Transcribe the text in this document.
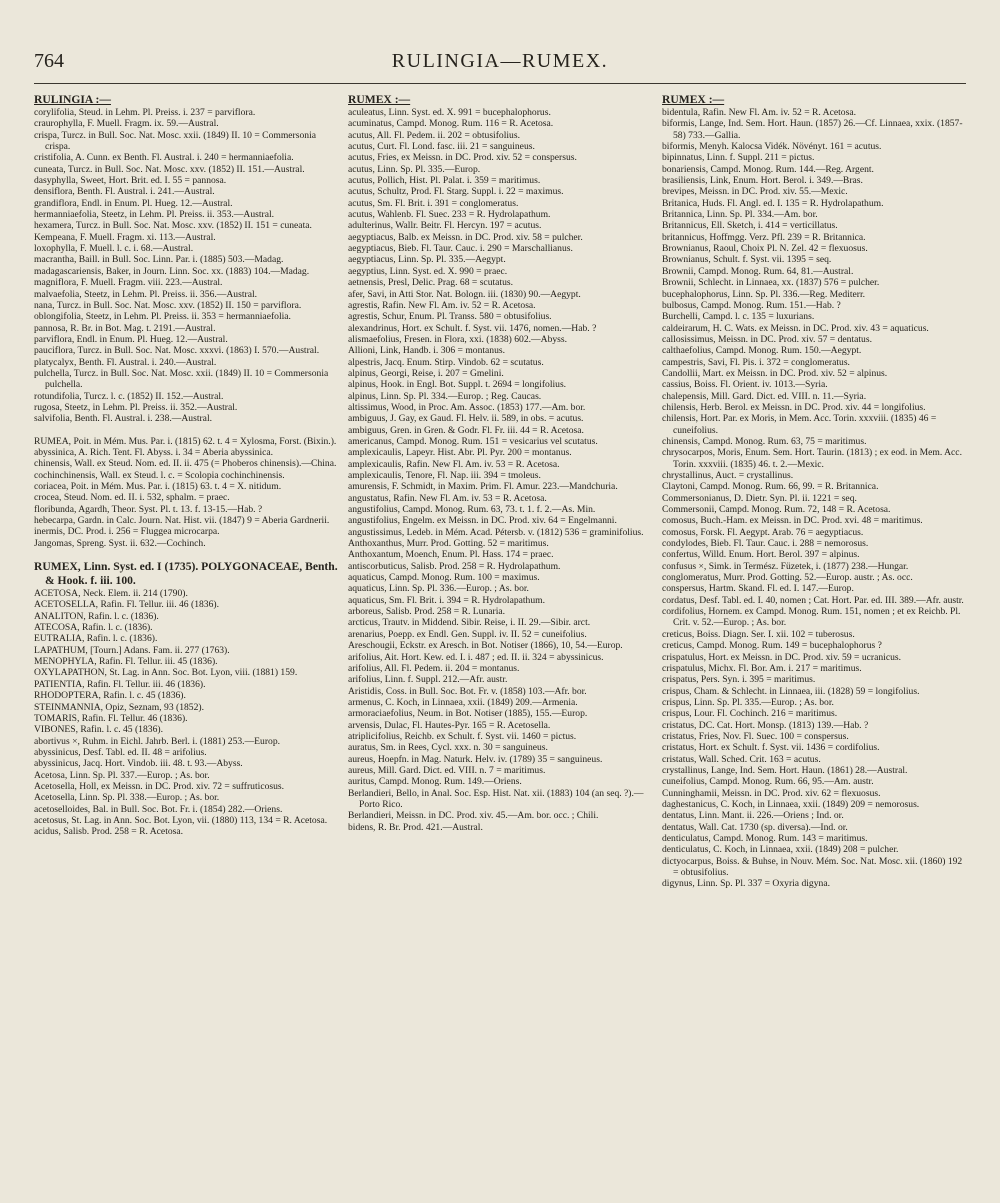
764	RULINGIA—RUMEX.
RULINGIA :—
corylifolia, Steud. in Lehm. Pl. Preiss. i. 237 = parviflora.
craurophylla, F. Muell. Fragm. ix. 59.—Austral.
crispa, Turcz. in Bull. Soc. Nat. Mosc. xxii. (1849) II. 10 = Commersonia crispa.
cristifolia, A. Cunn. ex Benth. Fl. Austral. i. 240 = hermanniaefolia.
cuneata, Turcz. in Bull. Soc. Nat. Mosc. xxv. (1852) II. 151.—Austral.
dasyphylla, Sweet, Hort. Brit. ed. I. 55 = pannosa.
densiflora, Benth. Fl. Austral. i. 241.—Austral.
grandiflora, Endl. in Enum. Pl. Hueg. 12.—Austral.
hermanniaefolia, Steetz, in Lehm. Pl. Preiss. ii. 353.—Austral.
hexamera, Turcz. in Bull. Soc. Nat. Mosc. xxv. (1852) II. 151 = cuneata.
Kempeana, F. Muell. Fragm. xi. 113.—Austral.
loxophylla, F. Muell. l. c. i. 68.—Austral.
macrantha, Baill. in Bull. Soc. Linn. Par. i. (1885) 503.—Madag.
madagascariensis, Baker, in Journ. Linn. Soc. xx. (1883) 104.—Madag.
magniflora, F. Muell. Fragm. viii. 223.—Austral.
malvaefolia, Steetz, in Lehm. Pl. Preiss. ii. 356.—Austral.
nana, Turcz. in Bull. Soc. Nat. Mosc. xxv. (1852) II. 150 = parviflora.
oblongifolia, Steetz, in Lehm. Pl. Preiss. ii. 353 = hermanniaefolia.
pannosa, R. Br. in Bot. Mag. t. 2191.—Austral.
parviflora, Endl. in Enum. Pl. Hueg. 12.—Austral.
pauciflora, Turcz. in Bull. Soc. Nat. Mosc. xxxvi. (1863) I. 570.—Austral.
platycalyx, Benth. Fl. Austral. i. 240.—Austral.
pulchella, Turcz. in Bull. Soc. Nat. Mosc. xxii. (1849) II. 10 = Commersonia pulchella.
rotundifolia, Turcz. l. c. (1852) II. 152.—Austral.
rugosa, Steetz, in Lehm. Pl. Preiss. ii. 352.—Austral.
salvifolia, Benth. Fl. Austral. i. 238.—Austral.
RUMEA, Poit. in Mém. Mus. Par. i. (1815) 62. t. 4 = Xylosma, Forst. (Bixin.).
abyssinica, A. Rich. Tent. Fl. Abyss. i. 34 = Aberia abyssinica.
chinensis, Wall. ex Steud. Nom. ed. II. ii. 475 (= Phoberos chinensis).—China.
cochinchinensis, Wall. ex Steud. l. c. = Scolopia cochinchinensis.
coriacea, Poit. in Mém. Mus. Par. i. (1815) 63. t. 4 = X. nitidum.
crocea, Steud. Nom. ed. II. i. 532, sphalm. = praec.
floribunda, Agardh, Theor. Syst. Pl. t. 13. f. 13-15.—Hab. ?
hebecarpa, Gardn. in Calc. Journ. Nat. Hist. vii. (1847) 9 = Aberia Gardnerii.
inermis, DC. Prod. i. 256 = Fluggea microcarpa.
Jangomas, Spreng. Syst. ii. 632.—Cochinch.
RUMEX, Linn. Syst. ed. I (1735). POLYGONACEAE, Benth. & Hook. f. iii. 100.
ACETOSA, Neck. Elem. ii. 214 (1790).
ACETOSELLA, Rafin. Fl. Tellur. iii. 46 (1836).
ANALITON, Rafin. l. c. (1836).
ATECOSA, Rafin. l. c. (1836).
EUTRALIA, Rafin. l. c. (1836).
LAPATHUM, [Tourn.] Adans. Fam. ii. 277 (1763).
MENOPHYLA, Rafin. Fl. Tellur. iii. 45 (1836).
OXYLAPATHON, St. Lag. in Ann. Soc. Bot. Lyon, viii. (1881) 159.
PATIENTIA, Rafin. Fl. Tellur. iii. 46 (1836).
RHODOPTERA, Rafin. l. c. 45 (1836).
STEINMANNIA, Opiz, Seznam, 93 (1852).
TOMARIS, Rafin. Fl. Tellur. 46 (1836).
VIBONES, Rafin. l. c. 45 (1836).
abortivus ×, Ruhm. in Eichl. Jahrb. Berl. i. (1881) 253.—Europ.
abyssinicus, Desf. Tabl. ed. II. 48 = arifolius.
abyssinicus, Jacq. Hort. Vindob. iii. 48. t. 93.—Abyss.
Acetosa, Linn. Sp. Pl. 337.—Europ. ; As. bor.
Acetosella, Holl, ex Meissn. in DC. Prod. xiv. 72 = suffruticosus.
Acetosella, Linn. Sp. Pl. 338.—Europ. ; As. bor.
acetoselloides, Bal. in Bull. Soc. Bot. Fr. i. (1854) 282.—Oriens.
acetosus, St. Lag. in Ann. Soc. Bot. Lyon, vii. (1880) 113, 134 = R. Acetosa.
acidus, Salisb. Prod. 258 = R. Acetosa.
RUMEX :—
aculeatus, Linn. Syst. ed. X. 991 = bucephalophorus.
acuminatus, Campd. Monog. Rum. 116 = R. Acetosa.
acutus, All. Fl. Pedem. ii. 202 = obtusifolius.
acutus, Curt. Fl. Lond. fasc. iii. 21 = sanguineus.
acutus, Fries, ex Meissn. in DC. Prod. xiv. 52 = conspersus.
acutus, Linn. Sp. Pl. 335.—Europ.
acutus, Pollich, Hist. Pl. Palat. i. 359 = maritimus.
acutus, Schultz, Prod. Fl. Starg. Suppl. i. 22 = maximus.
acutus, Sm. Fl. Brit. i. 391 = conglomeratus.
acutus, Wahlenb. Fl. Suec. 233 = R. Hydrolapathum.
adulterinus, Wallr. Beitr. Fl. Hercyn. 197 = acutus.
aegyptiacus, Balb. ex Meissn. in DC. Prod. xiv. 58 = pulcher.
aegyptiacus, Bieb. Fl. Taur. Cauc. i. 290 = Marschallianus.
aegyptiacus, Linn. Sp. Pl. 335.—Aegypt.
aegyptius, Linn. Syst. ed. X. 990 = praec.
aetnensis, Presl, Delic. Prag. 68 = scutatus.
afer, Savi, in Atti Stor. Nat. Bologn. iii. (1830) 90.—Aegypt.
agrestis, Rafin. New Fl. Am. iv. 52 = R. Acetosa.
agrestis, Schur, Enum. Pl. Transs. 580 = obtusifolius.
alexandrinus, Hort. ex Schult. f. Syst. vii. 1476, nomen.—Hab. ?
alismaefolius, Fresen. in Flora, xxi. (1838) 602.—Abyss.
Allioni, Link, Handb. i. 306 = montanus.
alpestris, Jacq. Enum. Stirp. Vindob. 62 = scutatus.
alpinus, Georgi, Reise, i. 207 = Gmelini.
alpinus, Hook. in Engl. Bot. Suppl. t. 2694 = longifolius.
alpinus, Linn. Sp. Pl. 334.—Europ. ; Reg. Caucas.
altissimus, Wood, in Proc. Am. Assoc. (1853) 177.—Am. bor.
ambiguus, J. Gay, ex Gaud. Fl. Helv. ii. 589, in obs. = acutus.
ambiguus, Gren. in Gren. & Godr. Fl. Fr. iii. 44 = R. Acetosa.
americanus, Campd. Monog. Rum. 151 = vesicarius vel scutatus.
amplexicaulis, Lapeyr. Hist. Abr. Pl. Pyr. 200 = montanus.
amplexicaulis, Rafin. New Fl. Am. iv. 53 = R. Acetosa.
amplexicaulis, Tenore, Fl. Nap. iii. 394 = tmoleus.
amurensis, F. Schmidt, in Maxim. Prim. Fl. Amur. 223.—Mandchuria.
angustatus, Rafin. New Fl. Am. iv. 53 = R. Acetosa.
angustifolius, Campd. Monog. Rum. 63, 73. t. 1. f. 2.—As. Min.
angustifolius, Engelm. ex Meissn. in DC. Prod. xiv. 64 = Engelmanni.
angustissimus, Ledeb. in Mém. Acad. Pétersb. v. (1812) 536 = graminifolius.
Anthoxanthus, Murr. Prod. Gotting. 52 = maritimus.
Anthoxantum, Moench, Enum. Pl. Hass. 174 = praec.
antiscorbuticus, Salisb. Prod. 258 = R. Hydrolapathum.
aquaticus, Campd. Monog. Rum. 100 = maximus.
aquaticus, Linn. Sp. Pl. 336.—Europ. ; As. bor.
aquaticus, Sm. Fl. Brit. i. 394 = R. Hydrolapathum.
arboreus, Salisb. Prod. 258 = R. Lunaria.
arcticus, Trautv. in Middend. Sibir. Reise, i. II. 29.—Sibir. arct.
arenarius, Poepp. ex Endl. Gen. Suppl. iv. II. 52 = cuneifolius.
Areschougii, Eckstr. ex Aresch. in Bot. Notiser (1866), 10, 54.—Europ.
arifolius, Ait. Hort. Kew. ed. I. i. 487 ; ed. II. ii. 324 = abyssinicus.
arifolius, All. Fl. Pedem. ii. 204 = montanus.
arifolius, Linn. f. Suppl. 212.—Afr. austr.
Aristidis, Coss. in Bull. Soc. Bot. Fr. v. (1858) 103.—Afr. bor.
armenus, C. Koch, in Linnaea, xxii. (1849) 209.—Armenia.
armoraciaefolius, Neum. in Bot. Notiser (1885), 155.—Europ.
arvensis, Dulac, Fl. Hautes-Pyr. 165 = R. Acetosella.
atriplicifolius, Reichb. ex Schult. f. Syst. vii. 1460 = pictus.
auratus, Sm. in Rees, Cycl. xxx. n. 30 = sanguineus.
aureus, Hoepfn. in Mag. Naturk. Helv. iv. (1789) 35 = sanguineus.
aureus, Mill. Gard. Dict. ed. VIII. n. 7 = maritimus.
auritus, Campd. Monog. Rum. 149.—Oriens.
Berlandieri, Bello, in Anal. Soc. Esp. Hist. Nat. xii. (1883) 104 (an seq. ?).—Porto Rico.
Berlandieri, Meissn. in DC. Prod. xiv. 45.—Am. bor. occ. ; Chili.
bidens, R. Br. Prod. 421.—Austral.
RUMEX :—
bidentula, Rafin. New Fl. Am. iv. 52 = R. Acetosa.
biformis, Lange, Ind. Sem. Hort. Haun. (1857) 26.—Cf. Linnaea, xxix. (1857-58) 733.—Gallia.
biformis, Menyh. Kalocsa Vidék. Növényt. 161 = acutus.
bipinnatus, Linn. f. Suppl. 211 = pictus.
bonariensis, Campd. Monog. Rum. 144.—Reg. Argent.
brasiliensis, Link, Enum. Hort. Berol. i. 349.—Bras.
brevipes, Meissn. in DC. Prod. xiv. 55.—Mexic.
Britanica, Huds. Fl. Angl. ed. I. 135 = R. Hydrolapathum.
Britannica, Linn. Sp. Pl. 334.—Am. bor.
Britannicus, Ell. Sketch, i. 414 = verticillatus.
britannicus, Hoffmgg. Verz. Pfl. 239 = R. Britannica.
Brownianus, Raoul, Choix Pl. N. Zel. 42 = flexuosus.
Brownianus, Schult. f. Syst. vii. 1395 = seq.
Brownii, Campd. Monog. Rum. 64, 81.—Austral.
Brownii, Schlecht. in Linnaea, xx. (1837) 576 = pulcher.
bucephalophorus, Linn. Sp. Pl. 336.—Reg. Mediterr.
bulbosus, Campd. Monog. Rum. 151.—Hab. ?
Burchelli, Campd. l. c. 135 = luxurians.
caldeirarum, H. C. Wats. ex Meissn. in DC. Prod. xiv. 43 = aquaticus.
callosissimus, Meissn. in DC. Prod. xiv. 57 = dentatus.
calthaefolius, Campd. Monog. Rum. 150.—Aegypt.
campestris, Savi, Fl. Pis. i. 372 = conglomeratus.
Candollii, Mart. ex Meissn. in DC. Prod. xiv. 52 = alpinus.
cassius, Boiss. Fl. Orient. iv. 1013.—Syria.
chalepensis, Mill. Gard. Dict. ed. VIII. n. 11.—Syria.
chilensis, Herb. Berol. ex Meissn. in DC. Prod. xiv. 44 = longifolius.
chilensis, Hort. Par. ex Moris, in Mem. Acc. Torin. xxxviii. (1835) 46 = cuneifolius.
chinensis, Campd. Monog. Rum. 63, 75 = maritimus.
chrysocarpos, Moris, Enum. Sem. Hort. Taurin. (1813) ; ex eod. in Mem. Acc. Torin. xxxviii. (1835) 46. t. 2.—Mexic.
chrystallinus, Auct. = crystallinus.
Claytoni, Campd. Monog. Rum. 66, 99. = R. Britannica.
Commersonianus, D. Dietr. Syn. Pl. ii. 1221 = seq.
Commersonii, Campd. Monog. Rum. 72, 148 = R. Acetosa.
comosus, Buch.-Ham. ex Meissn. in DC. Prod. xvi. 48 = maritimus.
comosus, Forsk. Fl. Aegypt. Arab. 76 = aegyptiacus.
condylodes, Bieb. Fl. Taur. Cauc. i. 288 = nemorosus.
confertus, Willd. Enum. Hort. Berol. 397 = alpinus.
confusus ×, Simk. in Termész. Füzetek, i. (1877) 238.—Hungar.
conglomeratus, Murr. Prod. Gotting. 52.—Europ. austr. ; As. occ.
conspersus, Hartm. Skand. Fl. ed. I. 147.—Europ.
cordatus, Desf. Tabl. ed. I. 40, nomen ; Cat. Hort. Par. ed. III. 389.—Afr. austr.
cordifolius, Hornem. ex Campd. Monog. Rum. 151, nomen ; et ex Reichb. Pl. Crit. v. 52.—Europ. ; As. bor.
creticus, Boiss. Diagn. Ser. I. xii. 102 = tuberosus.
creticus, Campd. Monog. Rum. 149 = bucephalophorus ?
crispatulus, Hort. ex Meissn. in DC. Prod. xiv. 59 = ucranicus.
crispatulus, Michx. Fl. Bor. Am. i. 217 = maritimus.
crispatus, Pers. Syn. i. 395 = maritimus.
crispus, Cham. & Schlecht. in Linnaea, iii. (1828) 59 = longifolius.
crispus, Linn. Sp. Pl. 335.—Europ. ; As. bor.
crispus, Lour. Fl. Cochinch. 216 = maritimus.
cristatus, DC. Cat. Hort. Monsp. (1813) 139.—Hab. ?
cristatus, Fries, Nov. Fl. Suec. 100 = conspersus.
cristatus, Hort. ex Schult. f. Syst. vii. 1436 = cordifolius.
cristatus, Wall. Sched. Crit. 163 = acutus.
crystallinus, Lange, Ind. Sem. Hort. Haun. (1861) 28.—Austral.
cuneifolius, Campd. Monog. Rum. 66, 95.—Am. austr.
Cunninghamii, Meissn. in DC. Prod. xiv. 62 = flexuosus.
daghestanicus, C. Koch, in Linnaea, xxii. (1849) 209 = nemorosus.
dentatus, Linn. Mant. ii. 226.—Oriens ; Ind. or.
dentatus, Wall. Cat. 1730 (sp. diversa).—Ind. or.
denticulatus, Campd. Monog. Rum. 143 = maritimus.
denticulatus, C. Koch, in Linnaea, xxii. (1849) 208 = pulcher.
dictyocarpus, Boiss. & Buhse, in Nouv. Mém. Soc. Nat. Mosc. xii. (1860) 192 = obtusifolius.
digynus, Linn. Sp. Pl. 337 = Oxyria digyna.
